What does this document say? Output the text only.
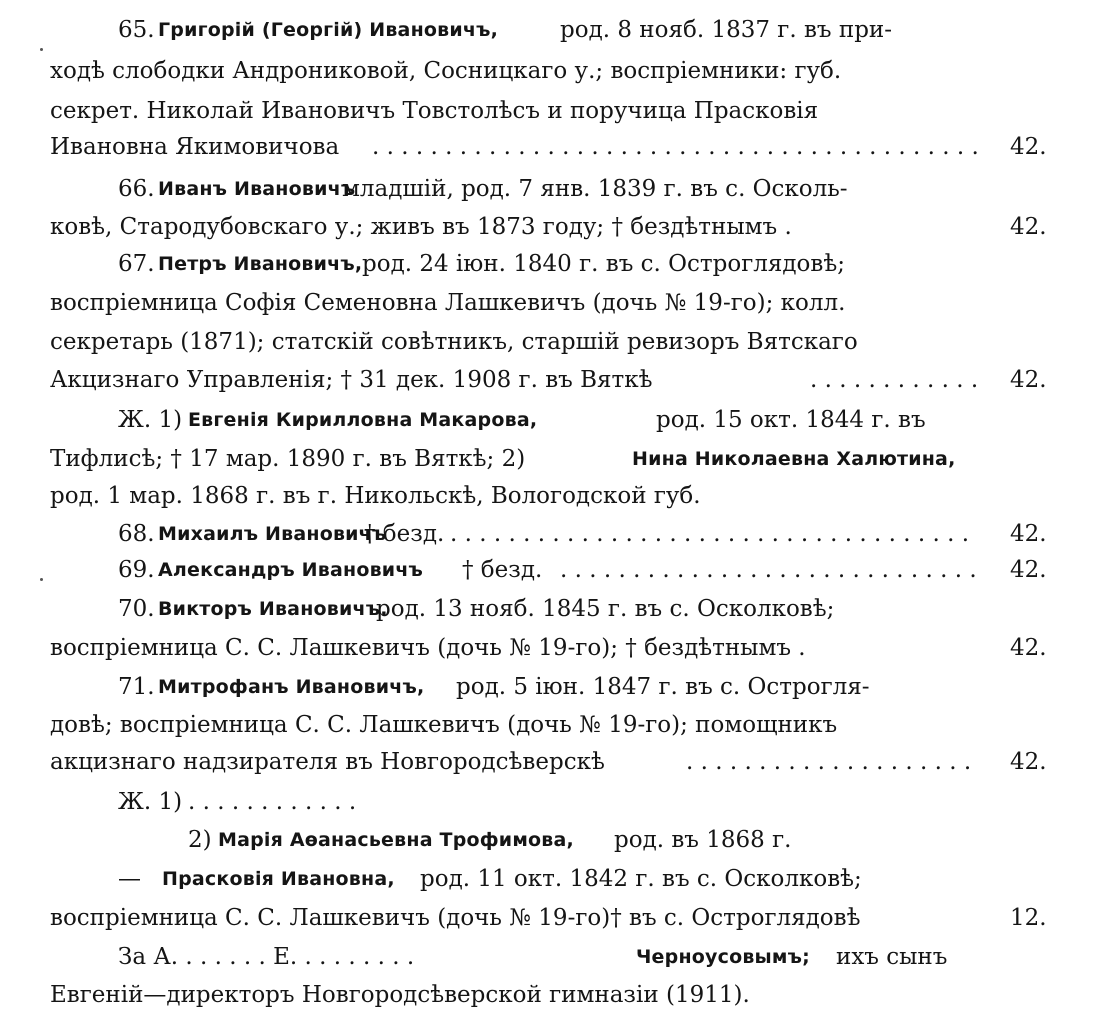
65. Григорій (Георгій) Ивановичъ,	род. 8 нояб. 1837 г. въ при-
ходѣ слободки Андрониковой, Сосницкаго у.; воспріемники: губ.
секрет. Николай Ивановичъ Товстолѣсъ и поручица Прасковія
Ивановна Якимовичова . . .	42.
66. Иванъ Ивановичъ
младшій, род. 7 янв. 1839 г. въ с. Осколь-
ковѣ, Стародубовскаго у.; живъ въ 1873 году; † бездѣтнымъ .	42.
67. Петръ Ивановичъ, род. 24 іюн. 1840 г. въ с. Остроглядовѣ;
воспріемница Софія Семеновна Лашкевичъ (дочь № 19-го); колл.
секретарь (1871); статскій совѣтникъ, старшій ревизоръ Вятскаго
Акцизнаго Управленія; † 31 дек. 1908 г. въ Вяткѣ . . .	42.
Ж. 1) Евгенія Кирилловна Макарова,	род. 15 окт. 1844 г. въ
Тифлисѣ; † 17 мар. 1890 г. въ Вяткѣ; 2)	Нина Николаевна Халютина,
род. 1 мар. 1868 г. въ г. Никольскѣ, Вологодской губ.
68. Михаилъ Ивановичъ
† безд. . . .	42.
69. Александръ Ивановичъ † безд. . . .	42.
70. Викторъ Ивановичъ.
род. 13 нояб. 1845 г. въ с. Осколковѣ;
воспріемница С. С. Лашкевичъ (дочь № 19-го); † бездѣтнымъ .	42.
71. Митрофанъ Ивановичъ, род. 5 іюн. 1847 г. въ с. Острогля-
довѣ; воспріемница С. С. Лашкевичъ (дочь № 19-го); помощникъ
акцизнаго надзирателя въ Новгородсѣверскѣ . . .	42.
Ж. 1)
. . .
2) Марія Аѳанасьевна Трофимова, род. въ 1868 г.
— Прасковія Ивановна, род. 11 окт. 1842 г. въ с. Осколковѣ;
воспріемница С. С. Лашкевичъ (дочь № 19-го)† въ с. Остроглядовѣ	12.
За А. . . . . . . Е. . . . . . . . .	Черноусовымъ; ихъ сынъ
Евгеній—директоръ Новгородсѣверской гимназіи (1911).
